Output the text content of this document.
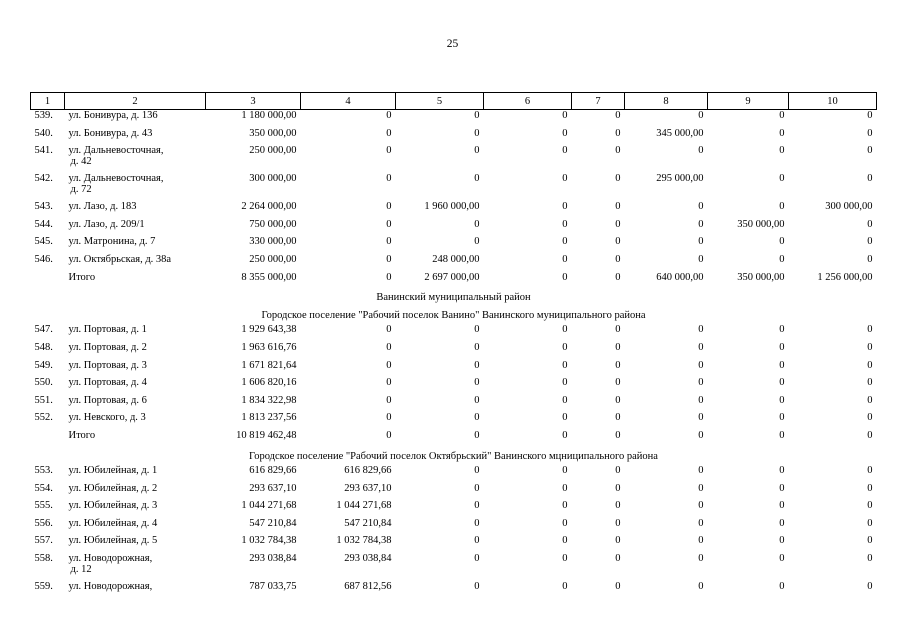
25
1	2	3	4	5	6	7	8	9	10
539.	ул. Бонивура, д. 136	1 180 000,00	0	0	0	0	0	0	0
540.	ул. Бонивура, д. 43	350 000,00	0	0	0	0	345 000,00	0	0
541.	ул. Дальневосточная,
д. 42	250 000,00	0	0	0	0	0	0	0
542.	ул. Дальневосточная,
д. 72	300 000,00	0	0	0	0	295 000,00	0	0
543.	ул. Лазо, д. 183	2 264 000,00	0	1 960 000,00	0	0	0	0	300 000,00
544.	ул. Лазо, д. 209/1	750 000,00	0	0	0	0	0	350 000,00	0
545.	ул. Матронина, д. 7	330 000,00	0	0	0	0	0	0	0
546.	ул. Октябрьская, д. 38а	250 000,00	0	248 000,00	0	0	0	0	0

	Итого	8 355 000,00	0	2 697 000,00	0	0	640 000,00	350 000,00	1 256 000,00
Ванинский муниципальный район									
Городское поселение "Рабочий поселок Ванино" Ванинского муниципального района									
547.	ул. Портовая, д. 1	1 929 643,38	0	0	0	0	0	0	0
548.	ул. Портовая, д. 2	1 963 616,76	0	0	0	0	0	0	0
549.	ул. Портовая, д. 3	1 671 821,64	0	0	0	0	0	0	0
550.	ул. Портовая, д. 4	1 606 820,16	0	0	0	0	0	0	0
551.	ул. Портовая, д. 6	1 834 322,98	0	0	0	0	0	0	0
552.	ул. Невского, д. 3	1 813 237,56	0	0	0	0	0	0	0

	Итого	10 819 462,48	0	0	0	0	0	0	0
Городское поселение "Рабочий поселок Октябрьский" Ванинского мцниципального района									
553.	ул. Юбилейная, д. 1	616 829,66	616 829,66	0	0	0	0	0	0
554.	ул. Юбилейная, д. 2	293 637,10	293 637,10	0	0	0	0	0	0
555.	ул. Юбилейная, д. 3	1 044 271,68	1 044 271,68	0	0	0	0	0	0
556.	ул. Юбилейная, д. 4	547 210,84	547 210,84	0	0	0	0	0	0
557.	ул. Юбилейная, д. 5	1 032 784,38	1 032 784,38	0	0	0	0	0	0
558.	ул. Новодорожная,
д. 12	293 038,84	293 038,84	0	0	0	0	0	0
559.	ул. Новодорожная,	787 033,75	687 812,56	0	0	0	0	0	0
